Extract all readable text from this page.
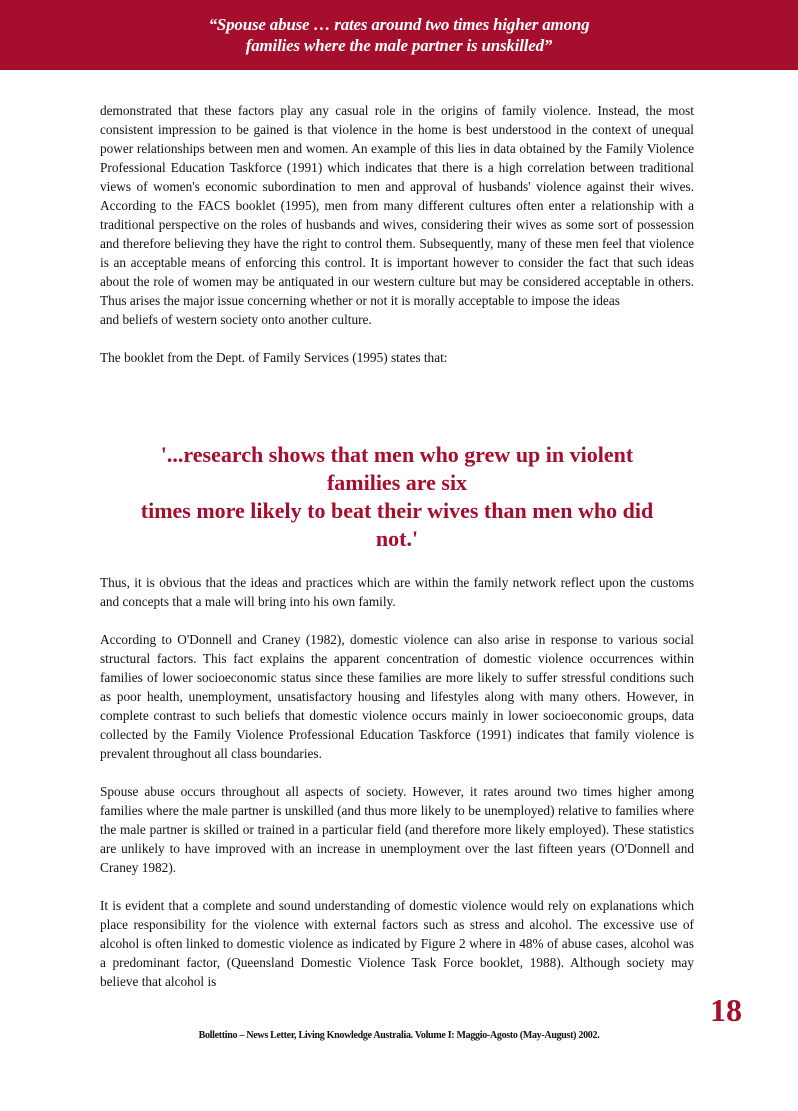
“Spouse abuse … rates around two times higher among
families where the male partner is unskilled”

demonstrated that these factors play any casual role in the origins of family violence. Instead, the most consistent impression to be gained is that violence in the home is best understood in the context of unequal power relationships between men and women. An example of this lies in data obtained by the Family Violence Professional Education Taskforce (1991) which indicates that there is a high correlation between traditional views of women's economic subordination to men and approval of husbands' violence against their wives. According to the FACS booklet (1995), men from many different cultures often enter a relationship with a traditional perspective on the roles of husbands and wives, considering their wives as some sort of possession and therefore believing they have the right to control them. Subsequently, many of these men feel that violence is an acceptable means of enforcing this control. It is important however to consider the fact that such ideas about the role of women may be antiquated in our western culture but may be considered acceptable in others. Thus arises the major issue concerning whether or not it is morally acceptable to impose the ideas

and beliefs of western society onto another culture.

The booklet from the Dept. of Family Services (1995) states that:

'...research shows that men who grew up in violent
families are six
times more likely to beat their wives than men who did
not.'

Thus, it is obvious that the ideas and practices which are within the family network reflect upon the customs and concepts that a male will bring into his own family.

According to O'Donnell and Craney (1982), domestic violence can also arise in response to various social structural factors. This fact explains the apparent concentration of domestic violence occurrences within families of lower socioeconomic status since these families are more likely to suffer stressful conditions such as poor health, unemployment, unsatisfactory housing and lifestyles along with many others. However, in complete contrast to such beliefs that domestic violence occurs mainly in lower socioeconomic groups, data collected by the Family Violence Professional Education Taskforce (1991) indicates that family violence is prevalent throughout all class boundaries.

Spouse abuse occurs throughout all aspects of society. However, it rates around two times higher among families where the male partner is unskilled (and thus more likely to be unemployed) relative to families where the male partner is skilled or trained in a particular field (and therefore more likely employed). These statistics are unlikely to have improved with an increase in unemployment over the last fifteen years (O'Donnell and Craney 1982).

It is evident that a complete and sound understanding of domestic violence would rely on explanations which place responsibility for the violence with external factors such as stress and alcohol. The excessive use of alcohol is often linked to domestic violence as indicated by Figure 2 where in 48% of abuse cases, alcohol was a predominant factor, (Queensland Domestic Violence Task Force booklet, 1988). Although society may believe that alcohol is

18
Bollettino – News Letter, Living Knowledge Australia. Volume I: Maggio-Agosto (May-August) 2002.
